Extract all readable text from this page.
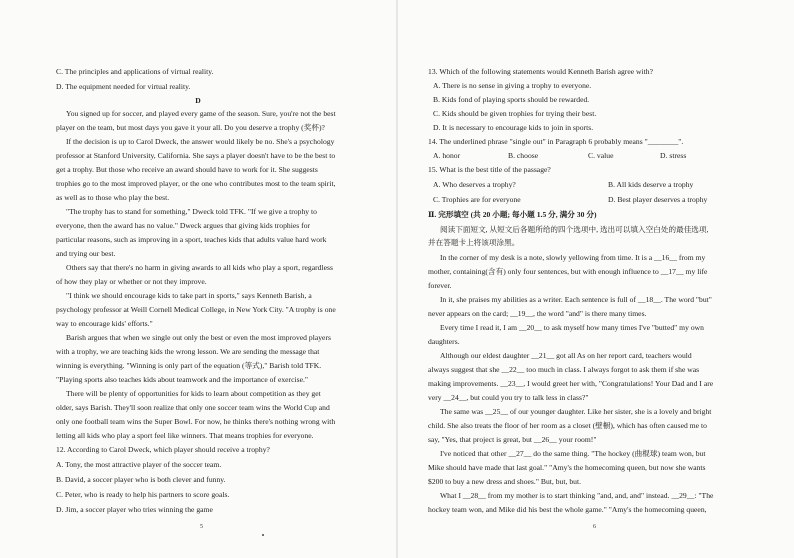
C. The principles and applications of virtual reality.
D. The equipment needed for virtual reality.
D
You signed up for soccer, and played every game of the season. Sure, you're not the best
player on the team, but most days you gave it your all. Do you deserve a trophy (奖杯)?
If the decision is up to Carol Dweck, the answer would likely be no. She's a psychology
professor at Stanford University, California. She says a player doesn't have to be the best to
get a trophy. But those who receive an award should have to work for it. She suggests
trophies go to the most improved player, or the one who contributes most to the team spirit,
as well as to those who play the best.
"The trophy has to stand for something," Dweck told TFK. "If we give a trophy to
everyone, then the award has no value." Dweck argues that giving kids trophies for
particular reasons, such as improving in a sport, teaches kids that adults value hard work
and trying our best.
Others say that there's no harm in giving awards to all kids who play a sport, regardless
of how they play or whether or not they improve.
"I think we should encourage kids to take part in sports," says Kenneth Barish, a
psychology professor at Weill Cornell Medical College, in New York City. "A trophy is one
way to encourage kids' efforts."
Barish argues that when we single out only the best or even the most improved players
with a trophy, we are teaching kids the wrong lesson. We are sending the message that
winning is everything. "Winning is only part of the equation (等式)," Barish told TFK.
"Playing sports also teaches kids about teamwork and the importance of exercise."
There will be plenty of opportunities for kids to learn about competition as they get
older, says Barish. They'll soon realize that only one soccer team wins the World Cup and
only one football team wins the Super Bowl. For now, he thinks there's nothing wrong with
letting all kids who play a sport feel like winners. That means trophies for everyone.
12. According to Carol Dweck, which player should receive a trophy?
A. Tony, the most attractive player of the soccer team.
B. David, a soccer player who is both clever and funny.
C. Peter, who is ready to help his partners to score goals.
D. Jim, a soccer player who tries winning the game
5
13. Which of the following statements would Kenneth Barish agree with?
A. There is no sense in giving a trophy to everyone.
B. Kids fond of playing sports should be rewarded.
C. Kids should be given trophies for trying their best.
D. It is necessary to encourage kids to join in sports.
14. The underlined phrase "single out" in Paragraph 6 probably means "________".
A. honor	B. choose	C. value	D. stress
15. What is the best title of the passage?
A. Who deserves a trophy?	B. All kids deserve a trophy
C. Trophies are for everyone	D. Best player deserves a trophy
Ⅱ. 完形填空 (共 20 小题; 每小题 1.5 分, 满分 30 分)
阅读下面短文, 从短文后各题所给的四个选项中, 选出可以填入空白处的最佳选项,
并在答题卡上将该项涂黑。
In the corner of my desk is a note, slowly yellowing from time. It is a __16__ from my
mother, containing(含有) only four sentences, but with enough influence to __17__ my life
forever.
In it, she praises my abilities as a writer. Each sentence is full of __18__. The word "but"
never appears on the card; __19__, the word "and" is there many times.
Every time I read it, I am __20__ to ask myself how many times I've "butted" my own
daughters.
Although our eldest daughter __21__ got all As on her report card, teachers would
always suggest that she __22__ too much in class. I always forgot to ask them if she was
making improvements. __23__, I would greet her with, "Congratulations! Your Dad and I are
very __24__, but could you try to talk less in class?"
The same was __25__ of our younger daughter. Like her sister, she is a lovely and bright
child. She also treats the floor of her room as a closet (壁橱), which has often caused me to
say, "Yes, that project is great, but __26__ your room!"
I've noticed that other __27__ do the same thing. "The hockey (曲棍球) team won, but
Mike should have made that last goal." "Amy's the homecoming queen, but now she wants
$200 to buy a new dress and shoes." But, but, but.
What I __28__ from my mother is to start thinking "and, and, and" instead. __29__: "The
hockey team won, and Mike did his best the whole game." "Amy's the homecoming queen,
6
